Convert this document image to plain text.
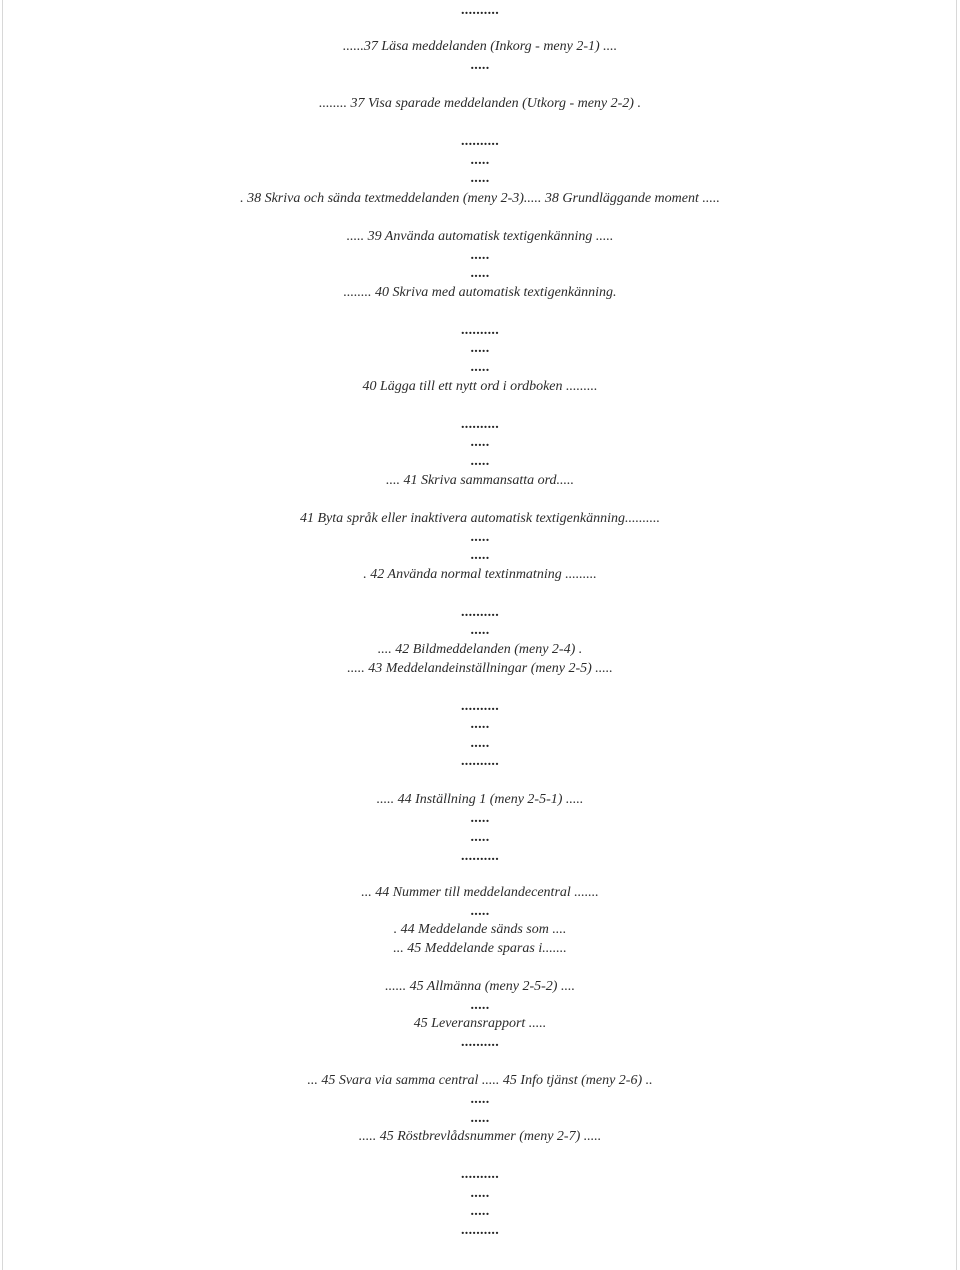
..........
......37 Läsa meddelanden (Inkorg - meny 2-1) ....
.....
........ 37 Visa sparade meddelanden (Utkorg - meny 2-2) .
..........
.....
.....
. 38 Skriva och sända textmeddelanden (meny 2-3)..... 38 Grundläggande moment .....
..... 39 Använda automatisk textigenkänning .....
.....
.....
........ 40 Skriva med automatisk textigenkänning.
..........
.....
.....
40 Lägga till ett nytt ord i ordboken .........
..........
.....
.....
.... 41 Skriva sammansatta ord.....
41 Byta språk eller inaktivera automatisk textigenkänning..........
.....
.....
. 42 Använda normal textinmatning .........
..........
.....
.... 42 Bildmeddelanden (meny 2-4) .
..... 43 Meddelandeinställningar (meny 2-5) .....
..........
.....
.....
..........
..... 44 Inställning 1 (meny 2-5-1) .....
.....
.....
..........
... 44 Nummer till meddelandecentral .......
.....
. 44 Meddelande sänds som ....
... 45 Meddelande sparas i.......
...... 45 Allmänna (meny 2-5-2) ....
.....
45 Leveransrapport .....
..........
... 45 Svara via samma central ..... 45 Info tjänst (meny 2-6) ..
.....
.....
..... 45 Röstbrevlådsnummer (meny 2-7) .....
..........
.....
.....
..........
